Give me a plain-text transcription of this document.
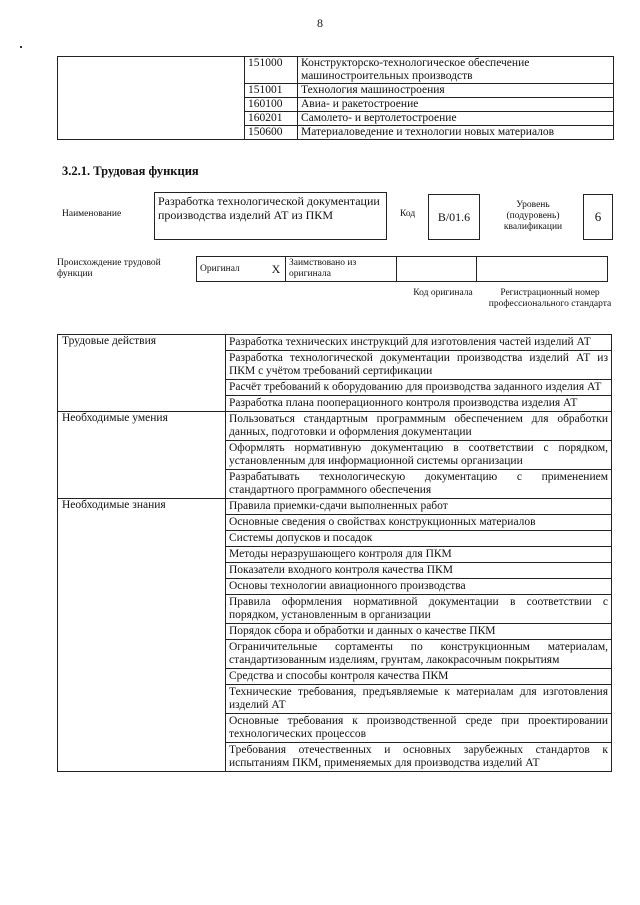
8
	151000	Конструкторско-технологическое обеспечение машиностроительных производств
	151001	Технология машиностроения
	160100	Авиа- и ракетостроение
	160201	Самолето- и вертолетостроение
	150600	Материаловедение и технологии новых материалов
3.2.1. Трудовая функция
Наименование
Разработка технологической документации производства изделий АТ из ПКМ	Код	B/01.6
Уровень (подуровень) квалификации
6
Происхождение трудовой функции	Оригинал	X	Заимствовано из оригинала		
Код оригинала	Регистрационный номер профессионального стандарта
Трудовые действия	Разработка технических инструкций для изготовления частей изделий АТ
	Разработка технологической документации производства изделий АТ из ПКМ с учётом требований сертификации
	Расчёт требований к оборудованию для производства заданного изделия АТ
	Разработка плана пооперационного контроля производства изделия АТ
Необходимые умения	Пользоваться стандартным программным обеспечением для обработки данных, подготовки и оформления документации
	Оформлять нормативную документацию в соответствии с порядком, установленным для информационной системы организации
	Разрабатывать технологическую документацию с применением стандартного программного обеспечения
Необходимые знания	Правила приемки-сдачи выполненных работ
	Основные сведения о свойствах конструкционных материалов
	Системы допусков и посадок
	Методы неразрушающего контроля для ПКМ
	Показатели входного контроля качества ПКМ
	Основы технологии авиационного производства
	Правила оформления нормативной документации в соответствии с порядком, установленным в организации
	Порядок сбора и обработки и данных о качестве ПКМ
	Ограничительные сортаменты по конструкционным материалам, стандартизованным изделиям, грунтам, лакокрасочным покрытиям
	Средства и способы контроля качества ПКМ
	Технические требования, предъявляемые к материалам для изготовления изделий АТ
	Основные требования к производственной среде при проектировании технологических процессов
	Требования отечественных и основных зарубежных стандартов к испытаниям ПКМ, применяемых для производства изделий АТ
